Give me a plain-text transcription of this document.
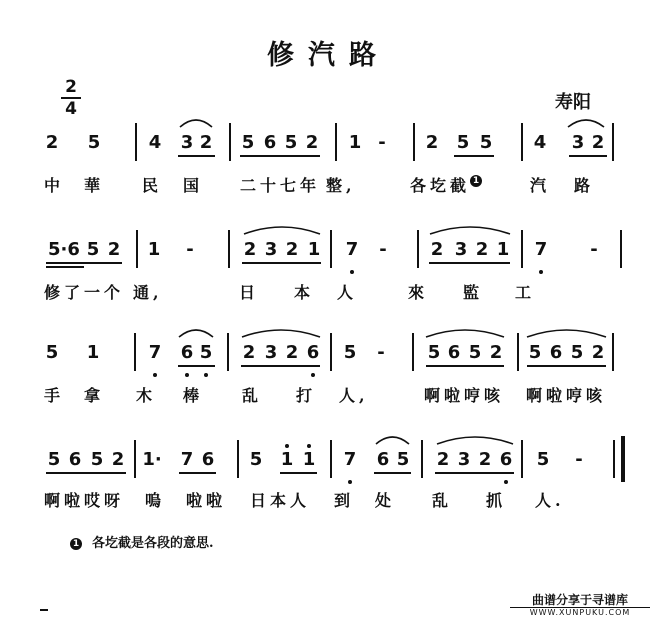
修汽路
2
4	寿阳
2 5	4 3 2 5 6 5 2 1 - 2 5 5 4 3 2
中 華	民 国	二十七年 整,	各圪截 1	汽 路
5·6 5 2 1 -	2 3 2 1 7 - 2 3 2 1 7 -
修了一个 通,	日 本 人	來 監 工
5 1	7 6 5 2 3 2 6 5 - 5 6 5 2 5 6 5 2
手 拿 木 棒	乱 打 人,	啊啦哼咳 啊啦哼咳
5 6 5 2 1· 7 6 5 1 1 7 6 5 2 3 2 6 5 -
啊啦哎呀 嗚 啦啦 日本人 到 处	乱 抓 人.
1 各圪截是各段的意思.
曲谱分享于寻谱库
WWW.XUNPUKU.COM
